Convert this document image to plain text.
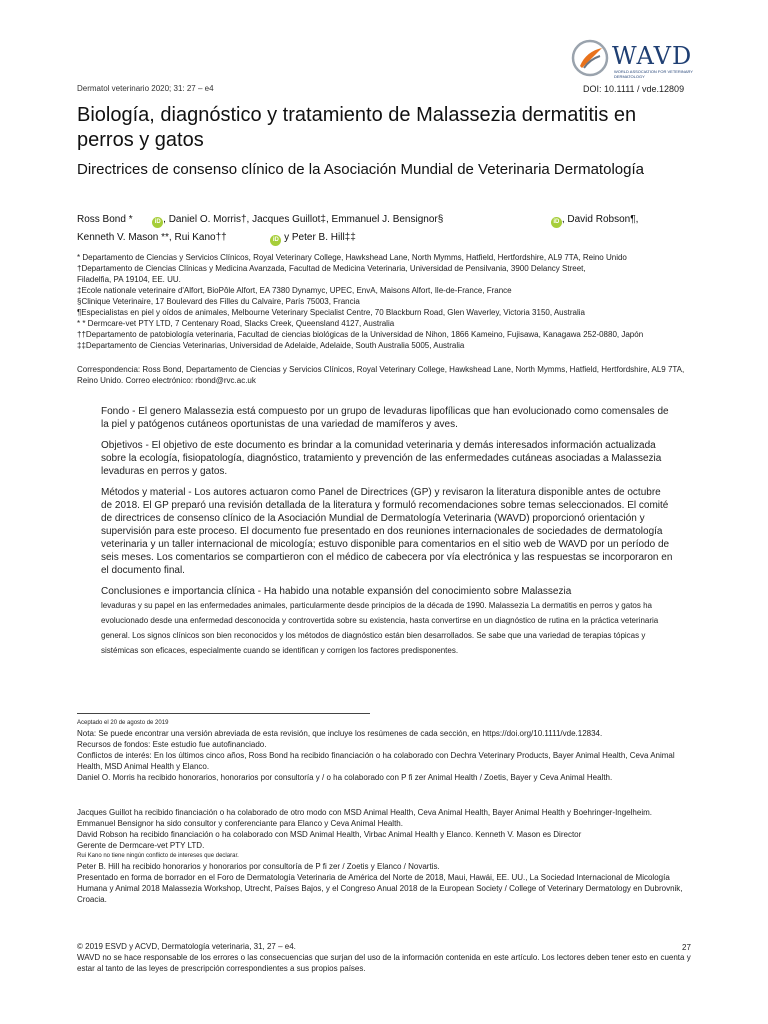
WAVD
WORLD ASSOCIATION FOR VETERINARY DERMATOLOGY
Dermatol veterinario 2020; 31: 27 – e4	DOI: 10.1111 / vde.12809
Biología, diagnóstico y tratamiento de Malassezia dermatitis en perros y gatos
Directrices de consenso clínico de la Asociación Mundial de Veterinaria Dermatología
Ross Bond *	iD , Daniel O. Morris†, Jacques Guillot‡, Emmanuel J. Bensignor§	iD , David Robson¶,
Kenneth V. Mason **, Rui Kano††	iD y Peter B. Hill‡‡
* Departamento de Ciencias y Servicios Clínicos, Royal Veterinary College, Hawkshead Lane, North Mymms, Hatfield, Hertfordshire, AL9 7TA, Reino Unido
†Departamento de Ciencias Clínicas y Medicina Avanzada, Facultad de Medicina Veterinaria, Universidad de Pensilvania, 3900 Delancy Street,
Filadelfia, PA 19104, EE. UU.
‡Ecole nationale veterinaire d'Alfort, BioPôle Alfort, EA 7380 Dynamyc, UPEC, EnvA, Maisons Alfort, Ile-de-France, France
§Clinique Veterinaire, 17 Boulevard des Filles du Calvaire, París 75003, Francia
¶Especialistas en piel y oídos de animales, Melbourne Veterinary Specialist Centre, 70 Blackburn Road, Glen Waverley, Victoria 3150, Australia
* * Dermcare-vet PTY LTD, 7 Centenary Road, Slacks Creek, Queensland 4127, Australia
††Departamento de patobiología veterinaria, Facultad de ciencias biológicas de la Universidad de Nihon, 1866 Kameino, Fujisawa, Kanagawa 252-0880, Japón
‡‡Departamento de Ciencias Veterinarias, Universidad de Adelaide, Adelaide, South Australia 5005, Australia
Correspondencia: Ross Bond, Departamento de Ciencias y Servicios Clínicos, Royal Veterinary College, Hawkshead Lane, North Mymms, Hatfield, Hertfordshire, AL9 7TA,
Reino Unido. Correo electrónico: rbond@rvc.ac.uk

Fondo - El genero Malassezia está compuesto por un grupo de levaduras lipofílicas que han evolucionado como comensales de la piel y patógenos cutáneos oportunistas de una variedad de mamíferos y aves.

Objetivos - El objetivo de este documento es brindar a la comunidad veterinaria y demás interesados información actualizada sobre la ecología, fisiopatología, diagnóstico, tratamiento y prevención de las enfermedades cutáneas asociadas a Malassezia levaduras en perros y gatos.

Métodos y material - Los autores actuaron como Panel de Directrices (GP) y revisaron la literatura disponible antes de octubre de 2018. El GP preparó una revisión detallada de la literatura y formuló recomendaciones sobre temas seleccionados. El comité de directrices de consenso clínico de la Asociación Mundial de Dermatología Veterinaria (WAVD) proporcionó orientación y supervisión para este proceso. El documento fue presentado en dos reuniones internacionales de sociedades de dermatología veterinaria y un taller internacional de micología; estuvo disponible para comentarios en el sitio web de WAVD por un período de seis meses. Los comentarios se compartieron con el médico de cabecera por vía electrónica y las respuestas se incorporaron en el documento final.

Conclusiones e importancia clínica - Ha habido una notable expansión del conocimiento sobre Malassezia

levaduras y su papel en las enfermedades animales, particularmente desde principios de la década de 1990. Malassezia La dermatitis en perros y gatos ha evolucionado desde una enfermedad desconocida y controvertida sobre su existencia, hasta convertirse en un diagnóstico de rutina en la práctica veterinaria general. Los signos clínicos son bien reconocidos y los métodos de diagnóstico están bien desarrollados. Se sabe que una variedad de terapias tópicas y sistémicas son eficaces, especialmente cuando se identifican y corrigen los factores predisponentes.

Aceptado el 20 de agosto de 2019
Nota: Se puede encontrar una versión abreviada de esta revisión, que incluye los resúmenes de cada sección, en https://doi.org/10.1111/vde.12834.
Recursos de fondos: Este estudio fue autofinanciado.
Conflictos de interés: En los últimos cinco años, Ross Bond ha recibido financiación o ha colaborado con Dechra Veterinary Products, Bayer Animal Health, Ceva Animal Health, MSD Animal Health y Elanco.
Daniel O. Morris ha recibido honorarios, honorarios por consultoría y / o ha colaborado con P fi zer Animal Health / Zoetis, Bayer y Ceva Animal Health.
Jacques Guillot ha recibido financiación o ha colaborado de otro modo con MSD Animal Health, Ceva Animal Health, Bayer Animal Health y Boehringer-Ingelheim.
Emmanuel Bensignor ha sido consultor y conferenciante para Elanco y Ceva Animal Health.
David Robson ha recibido financiación o ha colaborado con MSD Animal Health, Virbac Animal Health y Elanco. Kenneth V. Mason es Director
Gerente de Dermcare-vet PTY LTD.
Rui Kano no tiene ningún conflicto de intereses que declarar.
Peter B. Hill ha recibido honorarios y honorarios por consultoría de P fi zer / Zoetis y Elanco / Novartis.
Presentado en forma de borrador en el Foro de Dermatología Veterinaria de América del Norte de 2018, Maui, Hawái, EE. UU., La Sociedad Internacional de Micología Humana y Animal 2018 Malassezia Workshop, Utrecht, Países Bajos, y el Congreso Anual 2018 de la European Society / College of Veterinary Dermatology en Dubrovnik, Croacia.
© 2019 ESVD y ACVD, Dermatología veterinaria, 31, 27 – e4.
WAVD no se hace responsable de los errores o las consecuencias que surjan del uso de la información contenida en este artículo. Los lectores deben tener esto en cuenta y estar al tanto de las leyes de prescripción correspondientes a sus propios países.
27
